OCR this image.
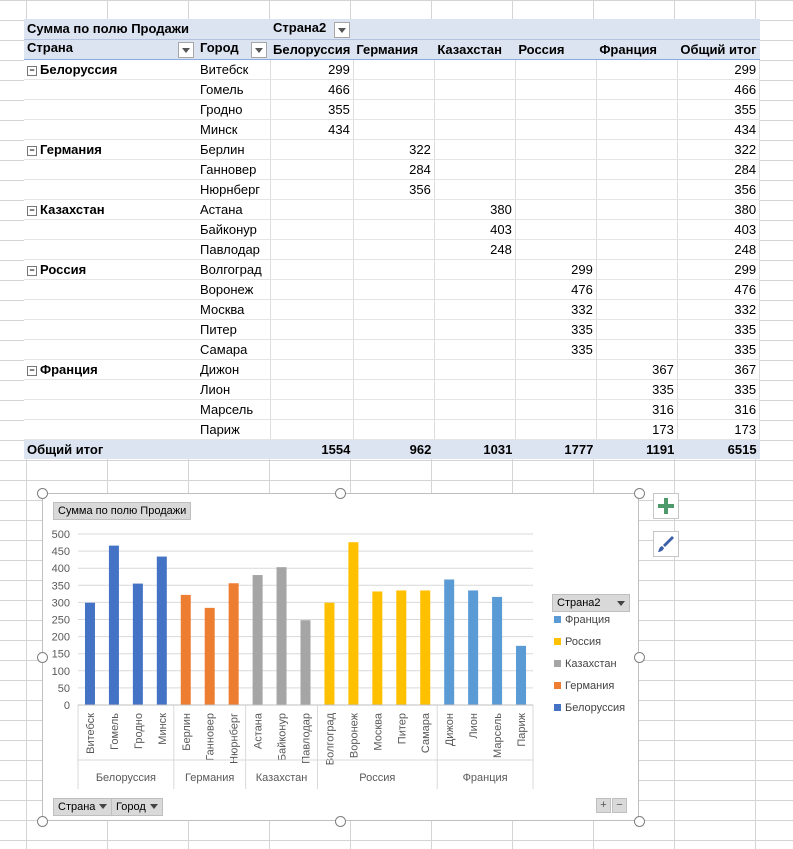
Сумма по полю Продажи		Страна2

Страна	Город	Белоруссия	Германия	Казахстан	Россия	Франция	Общий итог
− Белоруссия	Витебск	299					299
	Гомель	466					466
	Гродно	355					355
	Минск	434					434
− Германия	Берлин		322				322
	Ганновер		284				284
	Нюрнберг		356				356
− Казахстан	Астана			380			380
	Байконур			403			403
	Павлодар			248			248
− Россия	Волгоград				299		299
	Воронеж				476		476
	Москва				332		332
	Питер				335		335
	Самара				335		335
− Франция	Дижон					367	367
	Лион					335	335
	Марсель					316	316
	Париж					173	173
Общий итог		1554	962	1031	1777	1191	6515
Сумма по полю Продажи
0
50
100
150
200
250
300
350
400
450
500
Витебск Гомель Гродно Минск Берлин Ганновер Нюрнберг Астана Байконур Павлодар Волгоград Воронеж Москва Питер Самара Дижон Лион Марсель Париж
Белоруссия	Германия Казахстан	Россия	Франция
Страна2
Франция
Россия
Казахстан
Германия
Белоруссия
Страна	Город	+ −
